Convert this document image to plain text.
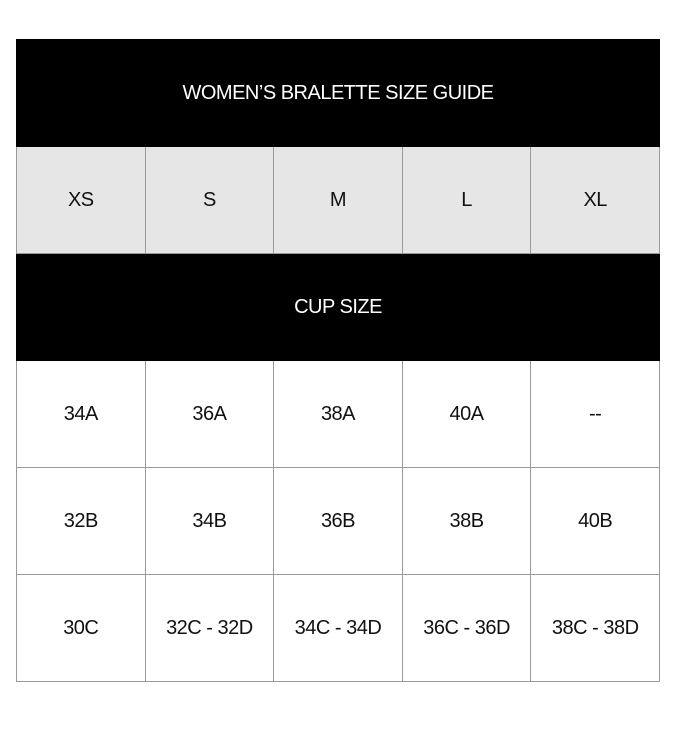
WOMEN’S BRALETTE SIZE GUIDE				
XS	S	M	L	XL
CUP SIZE				
34A	36A	38A	40A	--
32B	34B	36B	38B	40B
30C	32C - 32D	34C - 34D	36C - 36D	38C - 38D
